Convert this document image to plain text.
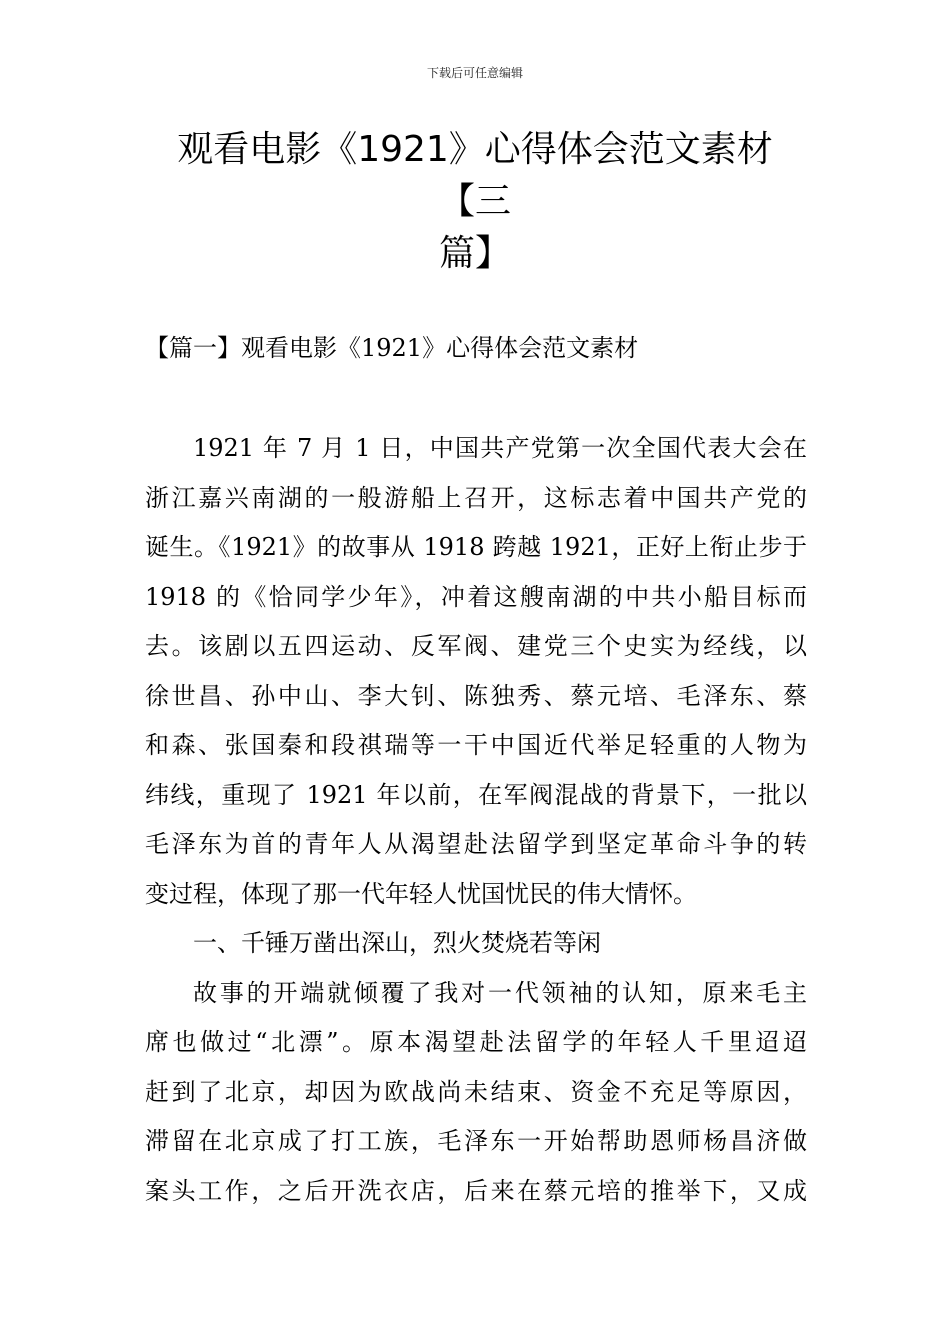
下载后可任意编辑
观看电影《1921》心得体会范文素材【三
篇】
【篇一】观看电影《1921》心得体会范文素材
1921 年 7 月 1 日，中国共产党第一次全国代表大会在
浙江嘉兴南湖的一般游船上召开，这标志着中国共产党的
诞生。《1921》的故事从 1918 跨越 1921，正好上衔止步于
1918 的《恰同学少年》，冲着这艘南湖的中共小船目标而
去。该剧以五四运动、反军阀、建党三个史实为经线，以
徐世昌、孙中山、李大钊、陈独秀、蔡元培、毛泽东、蔡
和森、张国秦和段祺瑞等一干中国近代举足轻重的人物为
纬线，重现了 1921 年以前，在军阀混战的背景下，一批以
毛泽东为首的青年人从渴望赴法留学到坚定革命斗争的转
变过程，体现了那一代年轻人忧国忧民的伟大情怀。
一、千锤万凿出深山，烈火焚烧若等闲
故事的开端就倾覆了我对一代领袖的认知，原来毛主
席也做过“北漂”。原本渴望赴法留学的年轻人千里迢迢
赶到了北京，却因为欧战尚未结束、资金不充足等原因，
滞留在北京成了打工族，毛泽东一开始帮助恩师杨昌济做
案头工作，之后开洗衣店，后来在蔡元培的推举下，又成
